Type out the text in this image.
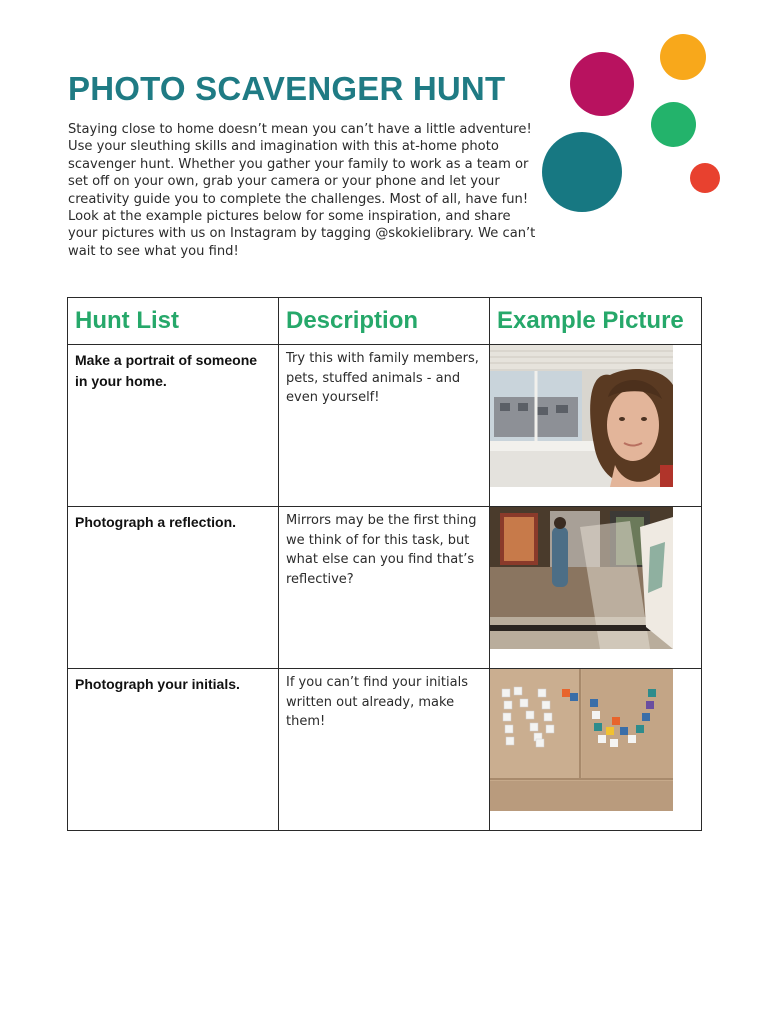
PHOTO SCAVENGER HUNT

Staying close to home doesn’t mean you can’t have a little adventure! Use your sleuthing skills and imagination with this at-home photo scavenger hunt. Whether you gather your family to work as a team or set off on your own, grab your camera or your phone and let your creativity guide you to complete the challenges. Most of all, have fun! Look at the example pictures below for some inspiration, and share your pictures with us on Instagram by tagging @skokielibrary. We can’t wait to see what you find!

Hunt List	Description	Example Picture

Make a portrait of someone in your home.	Try this with family members, pets, stuffed animals - and even yourself!

Photograph a reflection.	Mirrors may be the first thing we think of for this task, but what else can you find that’s reflective?

Photograph your initials.	If you can’t find your initials written out already, make them!
